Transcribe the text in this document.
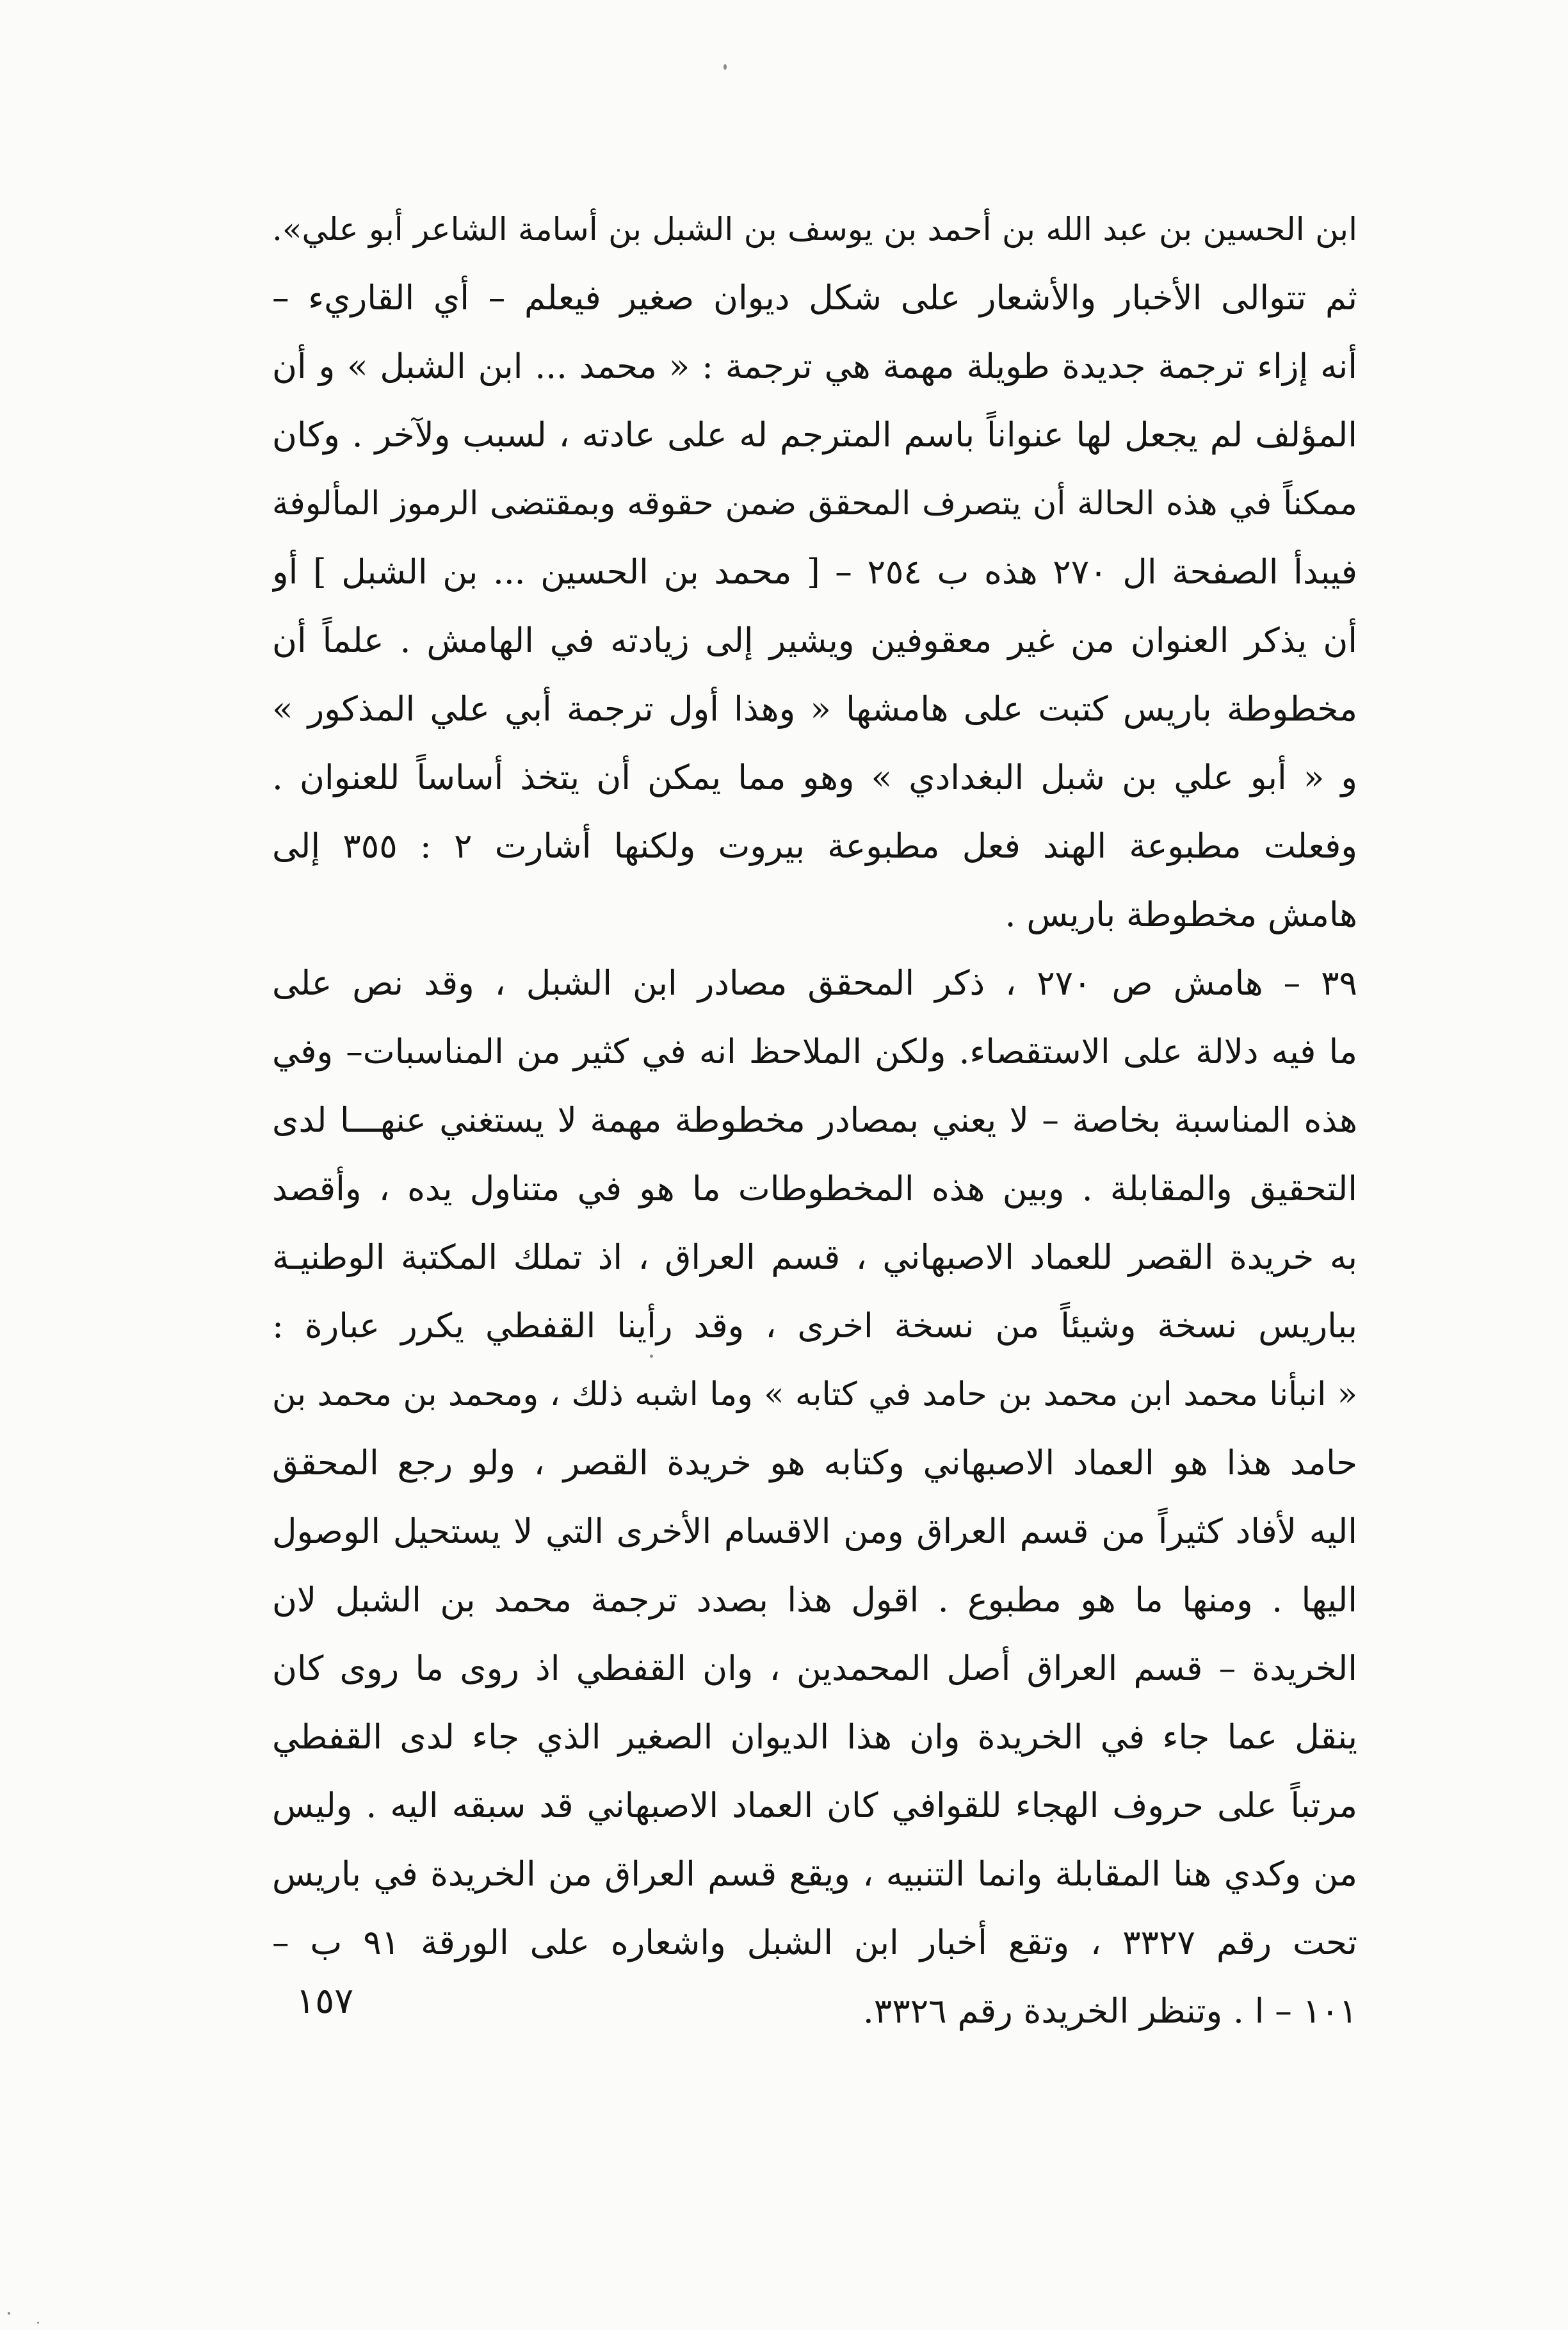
ابن الحسين بن عبد الله بن أحمد بن يوسف بن الشبل بن أسامة الشاعر أبو علي».
ثم تتوالى الأخبار والأشعار على شكل ديوان صغير فيعلم – أي القاريء –
أنه إزاء ترجمة جديدة طويلة مهمة هي ترجمة : « محمد ... ابن الشبل » و أن
المؤلف لم يجعل لها عنواناً باسم المترجم له على عادته ، لسبب ولآخر . وكان
ممكناً في هذه الحالة أن يتصرف المحقق ضمن حقوقه وبمقتضى الرموز المألوفة
فيبدأ الصفحة ال ٢٧٠ هذه ب ٢٥٤ – [ محمد بن الحسين ... بن الشبل ] أو
أن يذكر العنوان من غير معقوفين ويشير إلى زيادته في الهامش . علماً أن
مخطوطة باريس كتبت على هامشها « وهذا أول ترجمة أبي علي المذكور »
و « أبو علي بن شبل البغدادي » وهو مما يمكن أن يتخذ أساساً للعنوان .
وفعلت مطبوعة الهند فعل مطبوعة بيروت ولكنها أشارت ٢ : ٣٥٥ إلى
هامش مخطوطة باريس .
٣٩ – هامش ص ٢٧٠ ، ذكر المحقق مصادر ابن الشبل ، وقد نص على
ما فيه دلالة على الاستقصاء. ولكن الملاحظ انه في كثير من المناسبات– وفي
هذه المناسبة بخاصة – لا يعني بمصادر مخطوطة مهمة لا يستغني عنهـــا لدى
التحقيق والمقابلة . وبين هذه المخطوطات ما هو في متناول يده ، وأقصد
به خريدة القصر للعماد الاصبهاني ، قسم العراق ، اذ تملك المكتبة الوطنيـة
بباريس نسخة وشيئاً من نسخة اخرى ، وقد رأينا القفطي يكرر عبارة :
« انبأنا محمد ابن محمد بن حامد في كتابه » وما اشبه ذلك ، ومحمد بن محمد بن
حامد هذا هو العماد الاصبهاني وكتابه هو خريدة القصر ، ولو رجع المحقق
اليه لأفاد كثيراً من قسم العراق ومن الاقسام الأخرى التي لا يستحيل الوصول
اليها . ومنها ما هو مطبوع . اقول هذا بصدد ترجمة محمد بن الشبل لان
الخريدة – قسم العراق أصل المحمدين ، وان القفطي اذ روى ما روى كان
ينقل عما جاء في الخريدة وان هذا الديوان الصغير الذي جاء لدى القفطي
مرتباً على حروف الهجاء للقوافي كان العماد الاصبهاني قد سبقه اليه . وليس
من وكدي هنا المقابلة وانما التنبيه ، ويقع قسم العراق من الخريدة في باريس
تحت رقم ٣٣٢٧ ، وتقع أخبار ابن الشبل واشعاره على الورقة ٩١ ب –
١٠١ – ا . وتنظر الخريدة رقم ٣٣٢٦.
١٥٧
